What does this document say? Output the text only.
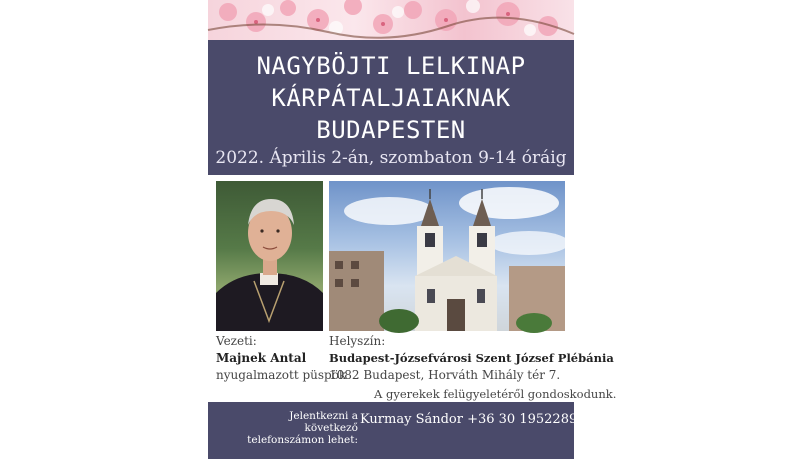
NAGYBÖJTI LELKINAP
KÁRPÁTALJAIAKNAK
BUDAPESTEN
2022. Április 2-án, szombaton 9-14 óráig
Vezeti:
Majnek Antal
nyugalmazott püspök
Helyszín:
Budapest-Józsefvárosi Szent József Plébánia
1082 Budapest, Horváth Mihály tér 7.
A gyerekek felügyeletéről gondoskodunk.
Jelentkezni a következő
telefonszámon lehet:
Kurmay Sándor +36 30 1952289
